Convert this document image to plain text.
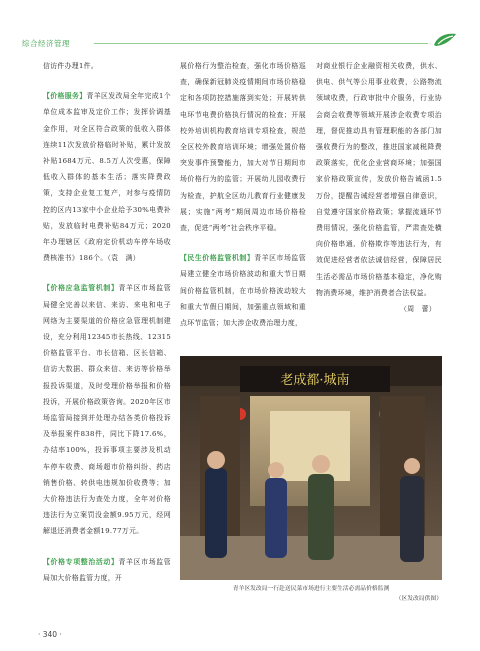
综合经济管理

信访件办理1件。

【价格服务】青羊区发改局全年完成1个单位成本监审及定价工作；发挥价调基金作用，对全区符合政策的低收入群体连续11次发放价格临时补贴，累计发放补贴1684万元、8.5万人次受惠，保障低收入群体的基本生活；落实降费政策，支持企业复工复产，对参与疫情防控的区内13家中小企业给予30%电费补贴，发放临时电费补贴84万元；2020年办理辖区《政府定价机动车停车场收费核准书》186个。（袁　满）

【价格应急监管机制】青羊区市场监管局健全完善以来信、来访、来电和电子网络为主要渠道的价格应急管理机制建设，充分利用12345市长热线、12315价格监管平台、市长信箱、区长信箱、信访大数据、群众来信、来访等价格举报投诉渠道，及时受理价格举报和价格投诉，开展价格政策咨询。2020年区市场监管局接到并处理办结各类价格投诉及举报案件838件，同比下降17.6%，办结率100%，投诉事项主要涉及机动车停车收费、商场超市价格纠纷、药店销售价格、转供电违规加价收费等；加大价格违法行为查处力度，全年对价格违法行为立案罚没金额9.95万元，经网解退还消费者金额19.77万元。

【价格专项整治活动】青羊区市场监管局加大价格监管力度，开

展价格行为整治检查，强化市场价格巡查，确保新冠肺炎疫情期间市场价格稳定和各项防控措施落到实处；开展转供电环节电费价格执行情况的检查；开展校外培训机构教育培训专项检查，规范全区校外教育培训环境；增强处置价格突发事件预警能力，加大对节日期间市场价格行为的监管；开展幼儿园收费行为检查，护航全区幼儿教育行业健康发展；实施“两考”期间周边市场价格检查，促进“两考”社会秩序平稳。

【民生价格监管机制】青羊区市场监管局建立健全市场价格波动和重大节日期间价格监管机制，在市场价格波动较大和重大节假日期间，加强重点领域和重点环节监管；加大涉企收费治理力度，

对商业银行企业融资相关收费，供水、供电、供气等公用事业收费，公路物流领域收费，行政审批中介服务，行业协会商会收费等领域开展涉企收费专项治理，督促推动具有管理职能的各部门加强收费行为的整改，推进国家减税降费政策落实，优化企业营商环境；加强国家价格政策宣传，发放价格告诫函1.5万份，提醒告诫经营者增强自律意识，自觉遵守国家价格政策；掌握流通环节费用情况，强化价格监管，严肃查处横向价格串通、价格欺诈等违法行为，有效促进经营者依法诚信经营，保障居民生活必需品市场价格基本稳定，净化购物消费环境，维护消费者合法权益。

（周　蕾）

老成都·城南
青羊区发改局一行赴送民菜市场进行主要生活必需品价格监测
（区发改局供图）
· 340 ·
